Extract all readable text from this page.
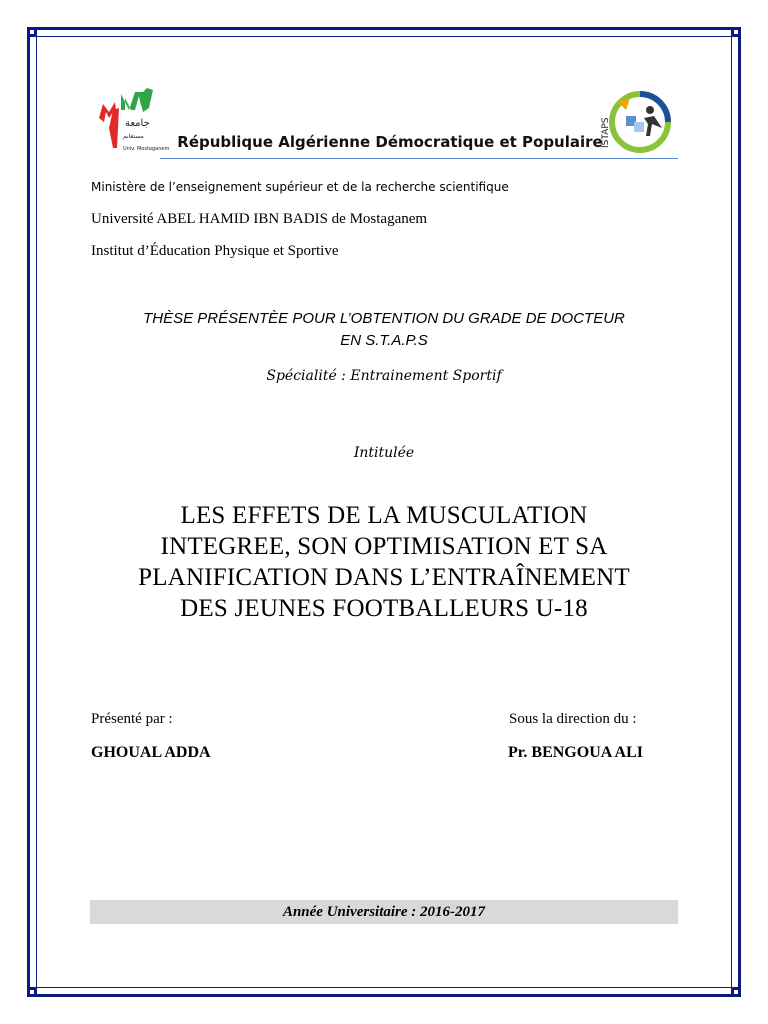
جامعة
مستغانم
Univ. Mostaganem République Algérienne Démocratique et Populaire
ISTAPS
Ministère de l’enseignement supérieur et de la recherche scientifique
Université ABEL HAMID IBN BADIS de Mostaganem
Institut d’Éducation Physique et Sportive
THÈSE PRÉSENTÈE POUR L’OBTENTION DU GRADE DE DOCTEUR
EN S.T.A.P.S
Spécialité : Entrainement Sportif
Intitulée
LES EFFETS DE LA MUSCULATION
INTEGREE, SON OPTIMISATION ET SA
PLANIFICATION DANS L’ENTRAÎNEMENT
DES JEUNES FOOTBALLEURS U-18
Présenté par :	Sous la direction du :
GHOUAL ADDA	Pr. BENGOUA ALI
Année Universitaire : 2016-2017
